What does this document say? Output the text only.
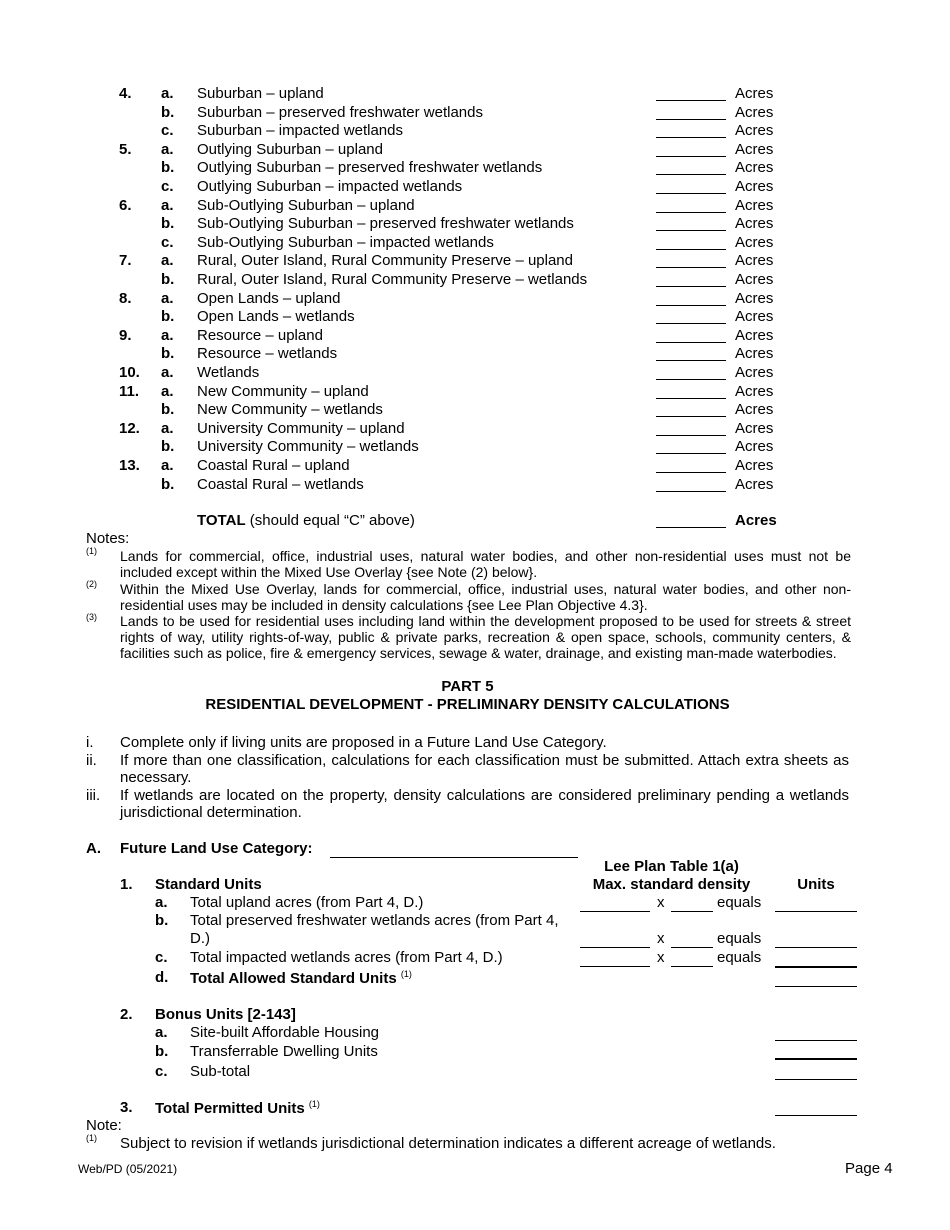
4. a. Suburban – upland	Acres
b. Suburban – preserved freshwater wetlands	Acres
c. Suburban – impacted wetlands	Acres
5. a. Outlying Suburban – upland	Acres
b. Outlying Suburban – preserved freshwater wetlands	Acres
c. Outlying Suburban – impacted wetlands	Acres
6. a. Sub-Outlying Suburban – upland	Acres
b. Sub-Outlying Suburban – preserved freshwater wetlands	Acres
c. Sub-Outlying Suburban – impacted wetlands	Acres
7. a. Rural, Outer Island, Rural Community Preserve – upland	Acres
b. Rural, Outer Island, Rural Community Preserve – wetlands	Acres
8. a. Open Lands – upland	Acres
b. Open Lands – wetlands	Acres
9. a. Resource – upland	Acres
b. Resource – wetlands	Acres
10. a. Wetlands	Acres
11. a. New Community – upland	Acres
b. New Community – wetlands	Acres
12. a. University Community – upland	Acres
b. University Community – wetlands	Acres
13. a. Coastal Rural – upland	Acres
b. Coastal Rural – wetlands	Acres
TOTAL (should equal “C” above)	Acres
Notes:
(1) Lands for commercial, office, industrial uses, natural water bodies, and other non-residential uses must not be included except within the Mixed Use Overlay {see Note (2) below}.
(2) Within the Mixed Use Overlay, lands for commercial, office, industrial uses, natural water bodies, and other non-residential uses may be included in density calculations {see Lee Plan Objective 4.3}.
(3) Lands to be used for residential uses including land within the development proposed to be used for streets & street rights of way, utility rights-of-way, public & private parks, recreation & open space, schools, community centers, & facilities such as police, fire & emergency services, sewage & water, drainage, and existing man-made waterbodies.
PART 5
RESIDENTIAL DEVELOPMENT - PRELIMINARY DENSITY CALCULATIONS
i. Complete only if living units are proposed in a Future Land Use Category.
ii. If more than one classification, calculations for each classification must be submitted. Attach extra sheets as necessary.
iii. If wetlands are located on the property, density calculations are considered preliminary pending a wetlands jurisdictional determination.
A. Future Land Use Category:
Lee Plan Table 1(a)
Max. standard density	Units
1. Standard Units
a. Total upland acres (from Part 4, D.)	x	equals
b. Total preserved freshwater wetlands acres (from Part 4, D.)	x	equals
c. Total impacted wetlands acres (from Part 4, D.)	x	equals
d. Total Allowed Standard Units $^{(1)}$
2. Bonus Units [2-143]
a. Site-built Affordable Housing
b. Transferrable Dwelling Units
c. Sub-total
3. Total Permitted Units $^{(1)}$
Note:
(1) Subject to revision if wetlands jurisdictional determination indicates a different acreage of wetlands.
Web/PD (05/2021)	Page 4
